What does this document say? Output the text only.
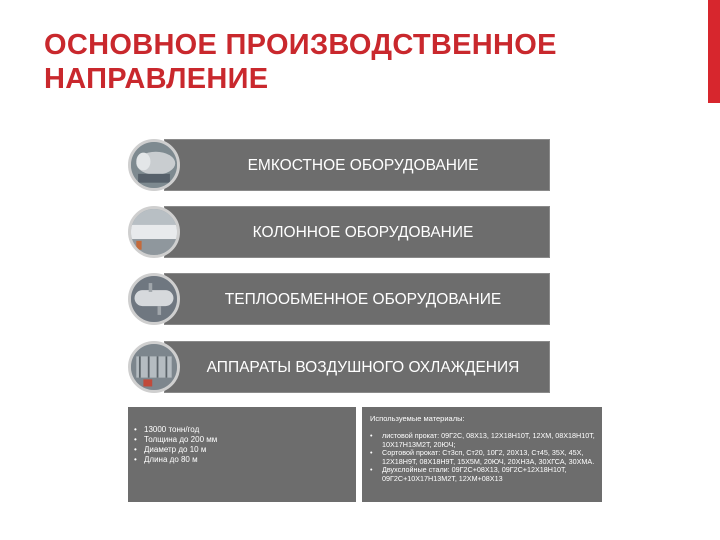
ОСНОВНОЕ ПРОИЗВОДСТВЕННОЕ
НАПРАВЛЕНИЕ
ЕМКОСТНОЕ ОБОРУДОВАНИЕ
КОЛОННОЕ ОБОРУДОВАНИЕ
ТЕПЛООБМЕННОЕ ОБОРУДОВАНИЕ
АППАРАТЫ ВОЗДУШНОГО ОХЛАЖДЕНИЯ
• 13000 тонн/год
• Толщина до 200 мм
• Диаметр до 10 м
• Длина до 80 м
Используемые материалы:
• листовой прокат: 09Г2С, 08Х13, 12Х18Н10Т, 12ХМ, 08Х18Н10Т, 10Х17Н13М2Т, 20ЮЧ;
• Сортовой прокат: Ст3сп, Ст20, 10Г2, 20Х13, Ст45, 35Х, 45Х, 12Х18Н9Т, 08Х18Н9Т, 15Х5М, 20ЮЧ, 20ХН3А, 30ХГСА, 30ХМА.
• Двухслойные стали: 09Г2С+08Х13, 09Г2С+12Х18Н10Т, 09Г2С+10Х17Н13М2Т, 12ХМ+08Х13
